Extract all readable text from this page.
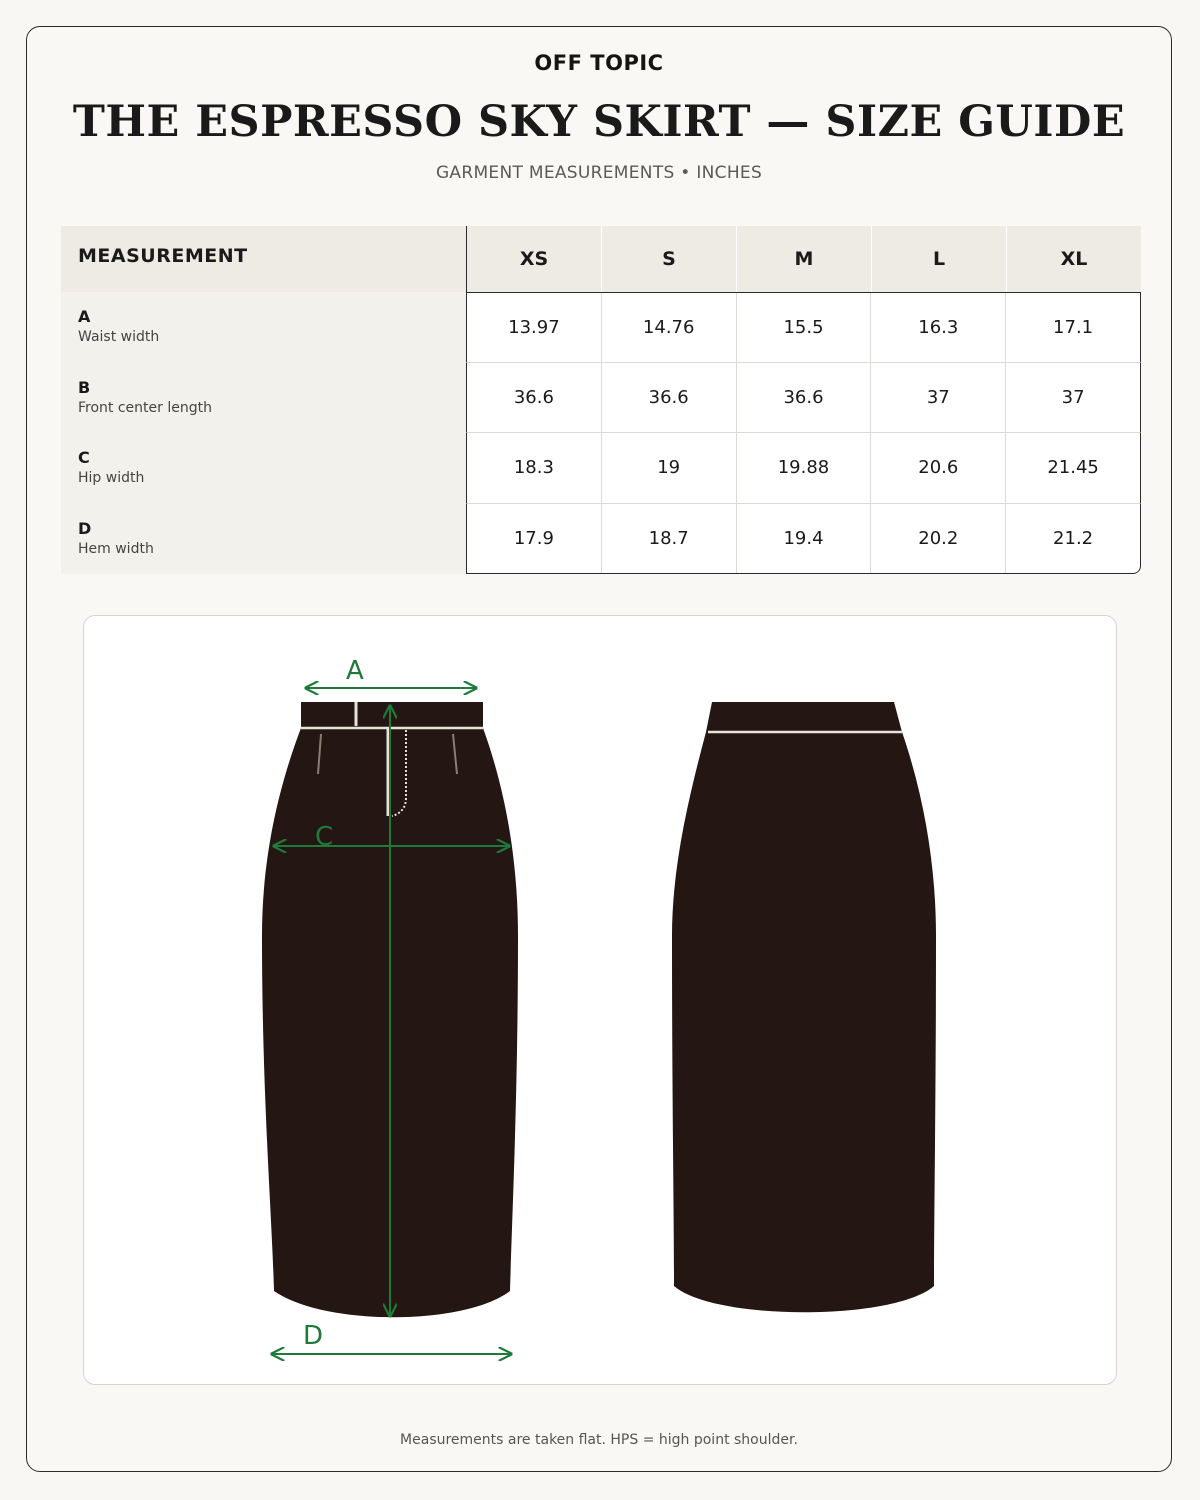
OFF TOPIC
THE ESPRESSO SKY SKIRT — SIZE GUIDE
GARMENT MEASUREMENTS • INCHES
MEASUREMENT	XS	S	M	L	XL
A
Waist width	13.97	14.76	15.5	16.3	17.1
B
Front center length	36.6	36.6	36.6	37	37
C
Hip width	18.3	19	19.88	20.6	21.45
D
Hem width	17.9	18.7	19.4	20.2	21.2
A
C
D
Measurements are taken flat. HPS = high point shoulder.
